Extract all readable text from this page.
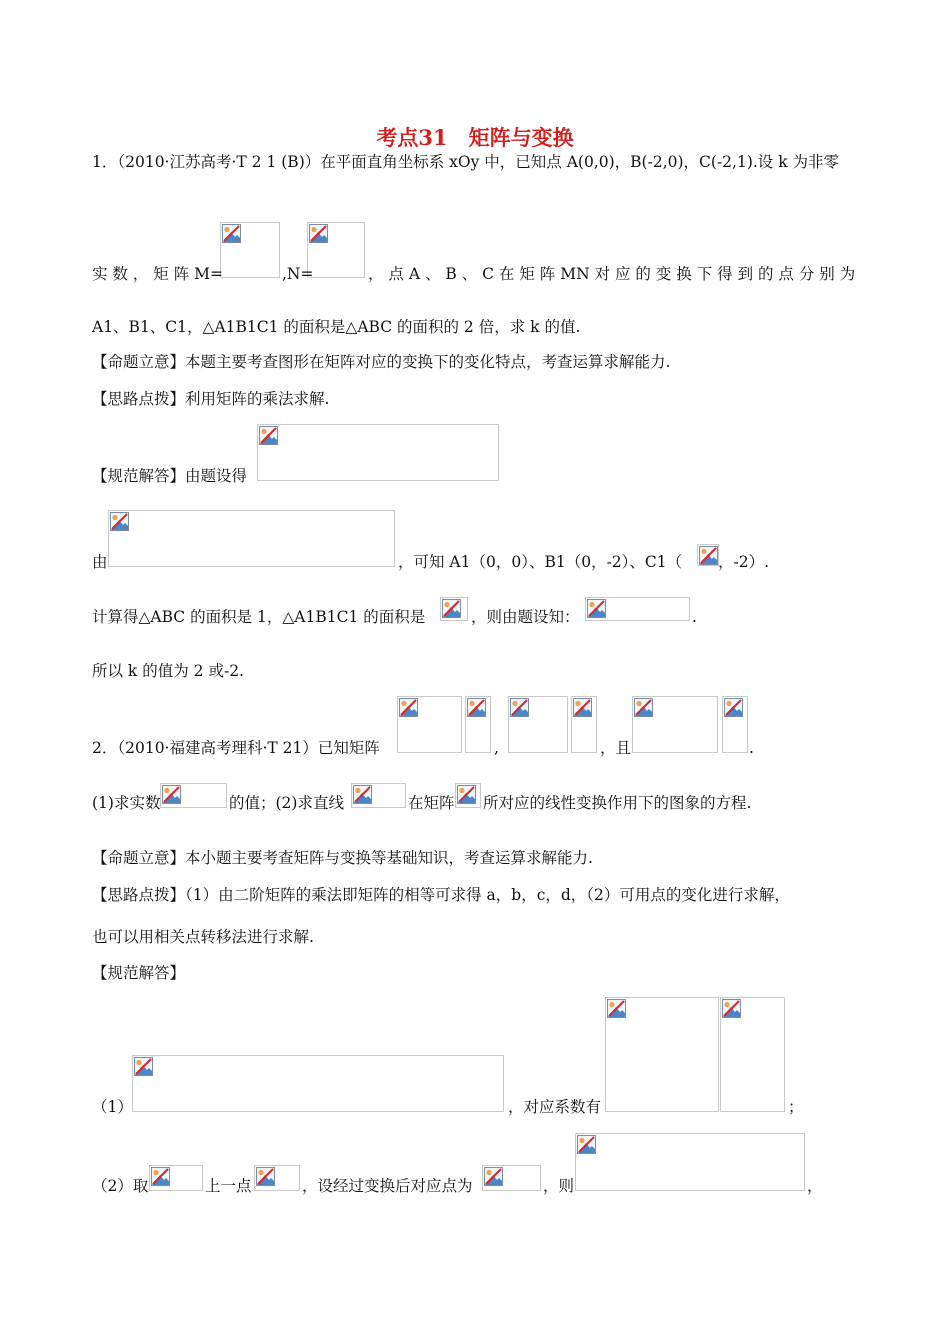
考点31　矩阵与变换
1．（2010·江苏高考·T 2 1 (B)）在平面直角坐标系 xOy 中，已知点 A(0,0)，B(-2,0)，C(-2,1).设 k 为非零
实 数 ， 矩 阵 M=	,N=	， 点 A 、 B 、 C 在 矩 阵 MN 对 应 的 变 换 下 得 到 的 点 分 别 为
A1、B1、C1，△A1B1C1 的面积是△ABC 的面积的 2 倍，求 k 的值.
【命题立意】本题主要考查图形在矩阵对应的变换下的变化特点，考查运算求解能力.
【思路点拨】利用矩阵的乘法求解.
【规范解答】由题设得
由	，可知 A1（0，0）、B1（0，-2）、C1（ ，-2）.
计算得△ABC 的面积是 1，△A1B1C1 的面积是	，则由题设知：	.
所以 k 的值为 2 或-2.
2．（2010·福建高考理科·T 21）已知矩阵	,	，且	.
(1)求实数	的值；(2)求直线	在矩阵 所对应的线性变换作用下的图象的方程.
【命题立意】本小题主要考查矩阵与变换等基础知识，考查运算求解能力.
【思路点拨】（1）由二阶矩阵的乘法即矩阵的相等可求得 a，b，c，d，（2）可用点的变化进行求解，
也可以用相关点转移法进行求解.
【规范解答】
（1）	，对应系数有	；
（2）取	上一点	，设经过变换后对应点为	，则	，
